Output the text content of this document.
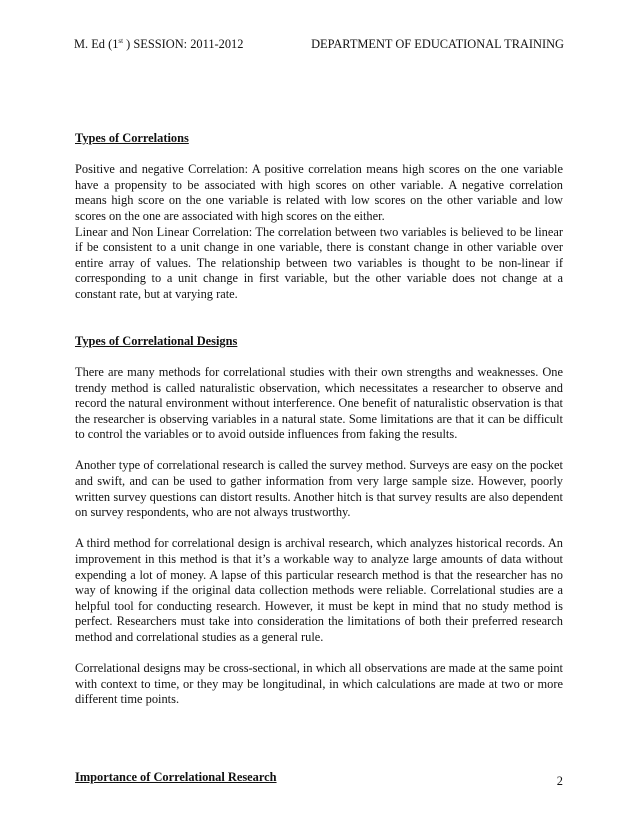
M. Ed (1st ) SESSION: 2011-2012	DEPARTMENT OF EDUCATIONAL TRAINING

Types of Correlations

Positive and negative Correlation: A positive correlation means high scores on the one variable have a propensity to be associated with high scores on other variable. A negative correlation means high score on the one variable is related with low scores on the other variable and low scores on the one are associated with high scores on the either.

Linear and Non Linear Correlation: The correlation between two variables is believed to be linear if be consistent to a unit change in one variable, there is constant change in other variable over entire array of values. The relationship between two variables is thought to be non-linear if corresponding to a unit change in first variable, but the other variable does not change at a constant rate, but at varying rate.

Types of Correlational Designs

There are many methods for correlational studies with their own strengths and weaknesses. One trendy method is called naturalistic observation, which necessitates a researcher to observe and record the natural environment without interference. One benefit of naturalistic observation is that the researcher is observing variables in a natural state. Some limitations are that it can be difficult to control the variables or to avoid outside influences from faking the results.

Another type of correlational research is called the survey method. Surveys are easy on the pocket and swift, and can be used to gather information from very large sample size. However, poorly written survey questions can distort results. Another hitch is that survey results are also dependent on survey respondents, who are not always trustworthy.

A third method for correlational design is archival research, which analyzes historical records. An improvement in this method is that it’s a workable way to analyze large amounts of data without expending a lot of money. A lapse of this particular research method is that the researcher has no way of knowing if the original data collection methods were reliable. Correlational studies are a helpful tool for conducting research. However, it must be kept in mind that no study method is perfect. Researchers must take into consideration the limitations of both their preferred research method and correlational studies as a general rule.

Correlational designs may be cross-sectional, in which all observations are made at the same point with context to time, or they may be longitudinal, in which calculations are made at two or more different time points.

Importance of Correlational Research	2
